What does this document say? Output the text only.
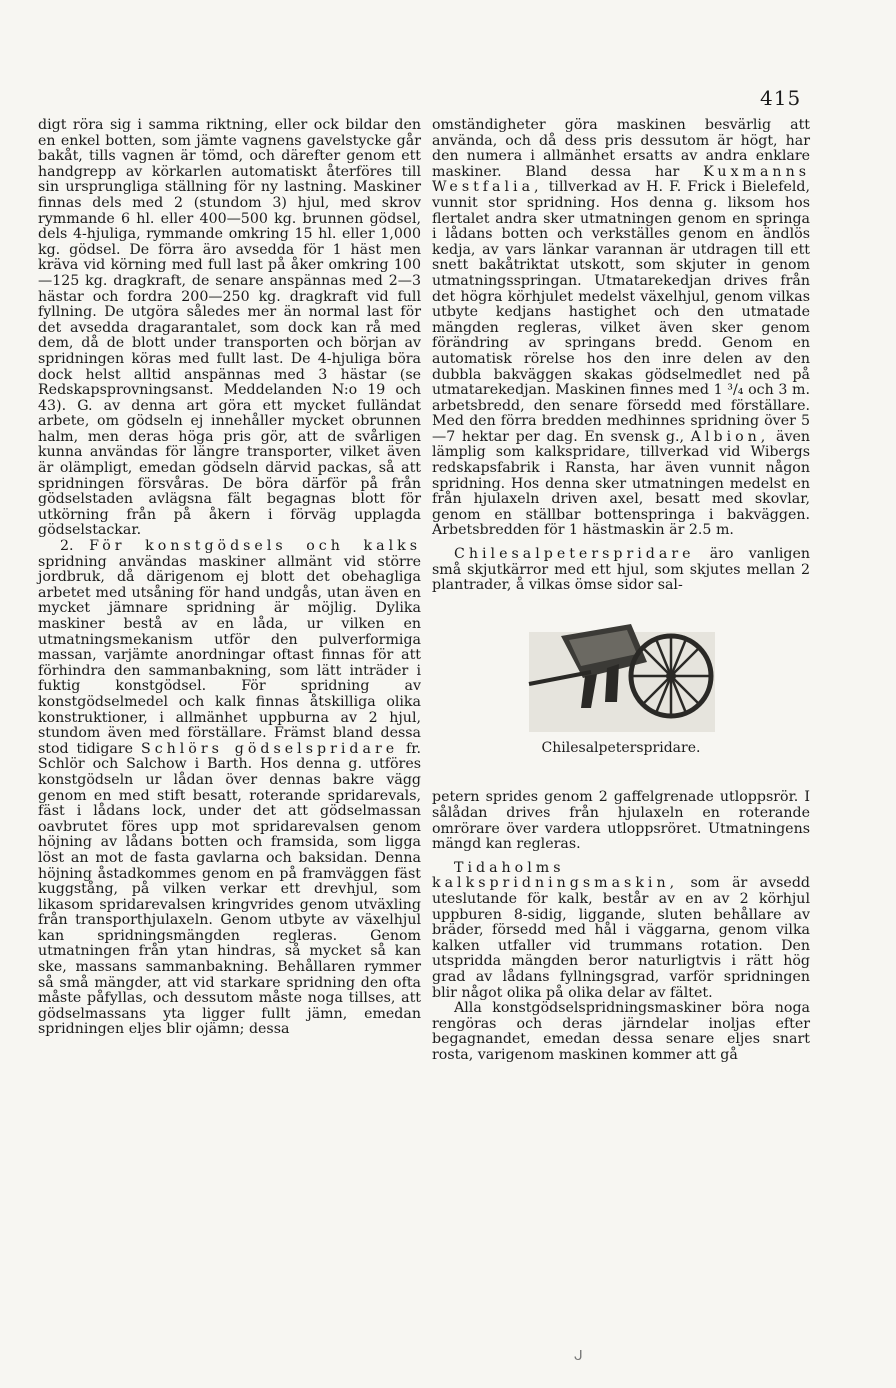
415

digt röra sig i samma riktning, eller ock bildar den en enkel botten, som jämte vagnens gavelstycke går bakåt, tills vagnen är tömd, och därefter genom ett handgrepp av körkarlen automatiskt återföres till sin ursprungliga ställning för ny lastning. Maskiner finnas dels med 2 (stundom 3) hjul, med skrov rymmande 6 hl. eller 400—500 kg. brunnen gödsel, dels 4-hjuliga, rymmande omkring 15 hl. eller 1,000 kg. gödsel. De förra äro avsedda för 1 häst men kräva vid körning med full last på åker omkring 100—125 kg. dragkraft, de senare anspännas med 2—3 hästar och fordra 200—250 kg. dragkraft vid full fyllning. De utgöra således mer än normal last för det avsedda dragarantalet, som dock kan rå med dem, då de blott under transporten och början av spridningen köras med fullt last. De 4-hjuliga böra dock helst alltid anspännas med 3 hästar (se Redskapsprovningsanst. Meddelanden N:o 19 och 43). G. av denna art göra ett mycket fulländat arbete, om gödseln ej innehåller mycket obrunnen halm, men deras höga pris gör, att de svårligen kunna användas för längre transporter, vilket även är olämpligt, emedan gödseln därvid packas, så att spridningen försvåras. De böra därför på från gödselstaden avlägsna fält begagnas blott för utkörning från på åkern i förväg upplagda gödselstackar.

2. För konstgödsels och kalks spridning användas maskiner allmänt vid större jordbruk, då därigenom ej blott det obehagliga arbetet med utsåning för hand undgås, utan även en mycket jämnare spridning är möjlig. Dylika maskiner bestå av en låda, ur vilken en utmatningsmekanism utför den pulverformiga massan, varjämte anordningar oftast finnas för att förhindra den sammanbakning, som lätt inträder i fuktig konstgödsel. För spridning av konstgödselmedel och kalk finnas åtskilliga olika konstruktioner, i allmänhet uppburna av 2 hjul, stundom även med förställare. Främst bland dessa stod tidigare Schlörs gödselspridare fr. Schlör och Salchow i Barth. Hos denna g. utföres konstgödseln ur lådan över dennas bakre vägg genom en med stift besatt, roterande spridarevals, fäst i lådans lock, under det att gödselmassan oavbrutet föres upp mot spridarevalsen genom höjning av lådans botten och framsida, som ligga löst an mot de fasta gavlarna och baksidan. Denna höjning åstadkommes genom en på framväggen fäst kuggstång, på vilken verkar ett drevhjul, som likasom spridarevalsen kringvrides genom utväxling från transporthjulaxeln. Genom utbyte av växelhjul kan spridningsmängden regleras. Genom utmatningen från ytan hindras, så mycket så kan ske, massans sammanbakning. Behållaren rymmer så små mängder, att vid starkare spridning den ofta måste påfyllas, och dessutom måste noga tillses, att gödselmassans yta ligger fullt jämn, emedan spridningen eljes blir ojämn; dessa

omständigheter göra maskinen besvärlig att använda, och då dess pris dessutom är högt, har den numera i allmänhet ersatts av andra enklare maskiner. Bland dessa har Kuxmanns Westfalia, tillverkad av H. F. Frick i Bielefeld, vunnit stor spridning. Hos denna g. liksom hos flertalet andra sker utmatningen genom en springa i lådans botten och verkställes genom en ändlös kedja, av vars länkar varannan är utdragen till ett snett bakåtriktat utskott, som skjuter in genom utmatningsspringan. Utmatarekedjan drives från det högra körhjulet medelst växelhjul, genom vilkas utbyte kedjans hastighet och den utmatade mängden regleras, vilket även sker genom förändring av springans bredd. Genom en automatisk rörelse hos den inre delen av den dubbla bakväggen skakas gödselmedlet ned på utmatarekedjan. Maskinen finnes med 1 ³/₄ och 3 m. arbetsbredd, den senare försedd med förställare. Med den förra bredden medhinnes spridning över 5—7 hektar per dag. En svensk g., Albion, även lämplig som kalkspridare, tillverkad vid Wibergs redskapsfabrik i Ransta, har även vunnit någon spridning. Hos denna sker utmatningen medelst en från hjulaxeln driven axel, besatt med skovlar, genom en ställbar bottenspringa i bakväggen. Arbetsbredden för 1 hästmaskin är 2.5 m.

Chilesalpeterspridare äro vanligen små skjutkärror med ett hjul, som skjutes mellan 2 plantrader, å vilkas ömse sidor sal-

Chilesalpeterspridare.

petern sprides genom 2 gaffelgrenade utloppsrör. I sålådan drives från hjulaxeln en roterande omrörare över vardera utloppsröret. Utmatningens mängd kan regleras.

Tidaholms kalkspridningsmaskin, som är avsedd uteslutande för kalk, består av en av 2 körhjul uppburen 8-sidig, liggande, sluten behållare av bräder, försedd med hål i väggarna, genom vilka kalken utfaller vid trummans rotation. Den utspridda mängden beror naturligtvis i rätt hög grad av lådans fyllningsgrad, varför spridningen blir något olika på olika delar av fältet.

Alla konstgödselspridningsmaskiner böra noga rengöras och deras järndelar inoljas efter begagnandet, emedan dessa senare eljes snart rosta, varigenom maskinen kommer att gå

ᒍ
